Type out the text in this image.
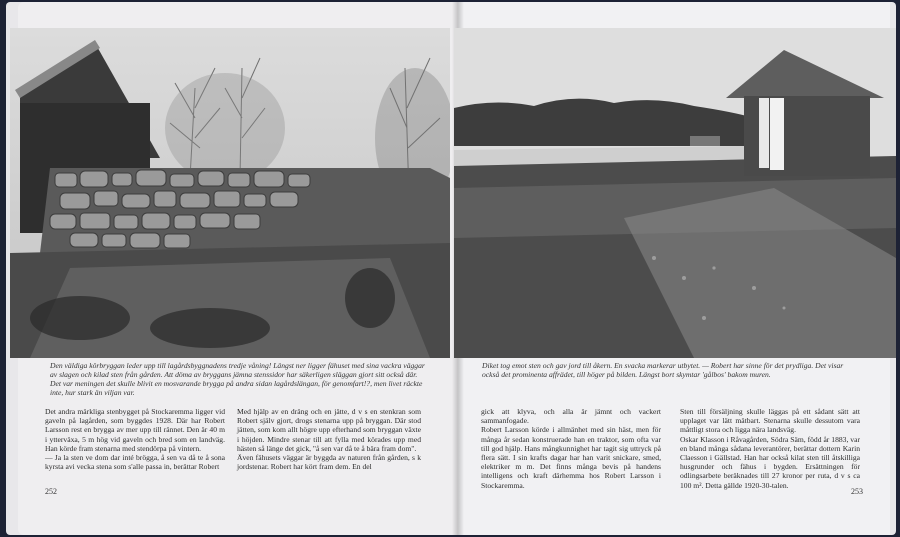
Den väldiga körbryggan leder upp till lagårdsbyggnadens tredje våning! Längst ner ligger fähuset med sina vackra väggar av slagen och kilad sten från gården. Att döma av bryggans jämna stenssidor har säkerligen släggan gjort sitt också där. Det var meningen det skulle blivit en mosvarande brygga på andra sidan lagårdslängan, för genomfart!?, men livet räckte inte, hur stark än viljan var.
Diket tog emot sten och gav jord till åkern. En svacka markerar utbytet. — Robert har sinne för det prydliga. Det visar också det prominenta affrädet, till höger på bilden. Längst bort skymtar 'gålbos' bakom muren.
Det andra märkliga stenbygget på Stockaremma ligger vid gaveln på lagården, som byggdes 1928. Där har Robert Larsson rest en brygga av mer upp till rännet. Den är 40 m i ytterväxa, 5 m hög vid gaveln och bred som en landväg. Han körde fram stenarna med stendörpa på vintern.
— Ja la sten ve dom dar inté brögga, å sen va då te å sona kyrsta avi vecka stena som s'alle passa in, berättar Robert
Med hjälp av en dräng och en jätte, d v s en stenkran som Robert själv gjort, drogs stenarna upp på bryggan. Där stod jätten, som kom allt högre upp efterhand som bryggan växte i höjden. Mindre stenar till att fylla med körades upp med hästen så länge det gick, "å sen var då te å bära fram dom".
Även fähusets väggar är byggda av naturen från gården, s k jordstenar. Robert har kört fram dem. En del
gick att klyva, och alla är jämnt och vackert sammanfogade.
Robert Larsson körde i allmänhet med sin häst, men för många år sedan konstruerade han en traktor, som ofta var till god hjälp. Hans mångkunnighet har tagit sig uttryck på flera sätt. I sin krafts dagar har han varit snickare, smed, elektriker m m. Det finns många bevis på handens intelligens och kraft därhemma hos Robert Larsson i Stockaremma.
Sten till försäljning skulle läggas på ett sådant sätt att upplaget var lätt mätbart. Stenarna skulle dessutom vara måttligt stora och ligga nära landsväg.
Oskar Klasson i Råvagården, Södra Säm, född år 1883, var en bland många sådana leverantörer, berättar dottern Karin Claesson i Gällstad. Han har också kilat sten till åtskilliga husgrunder och fähus i bygden. Ersättningen för odlingsarbete beräknades till 27 kronor per ruta, d v s ca 100 m². Detta gällde 1920-30-talen.
252	253
